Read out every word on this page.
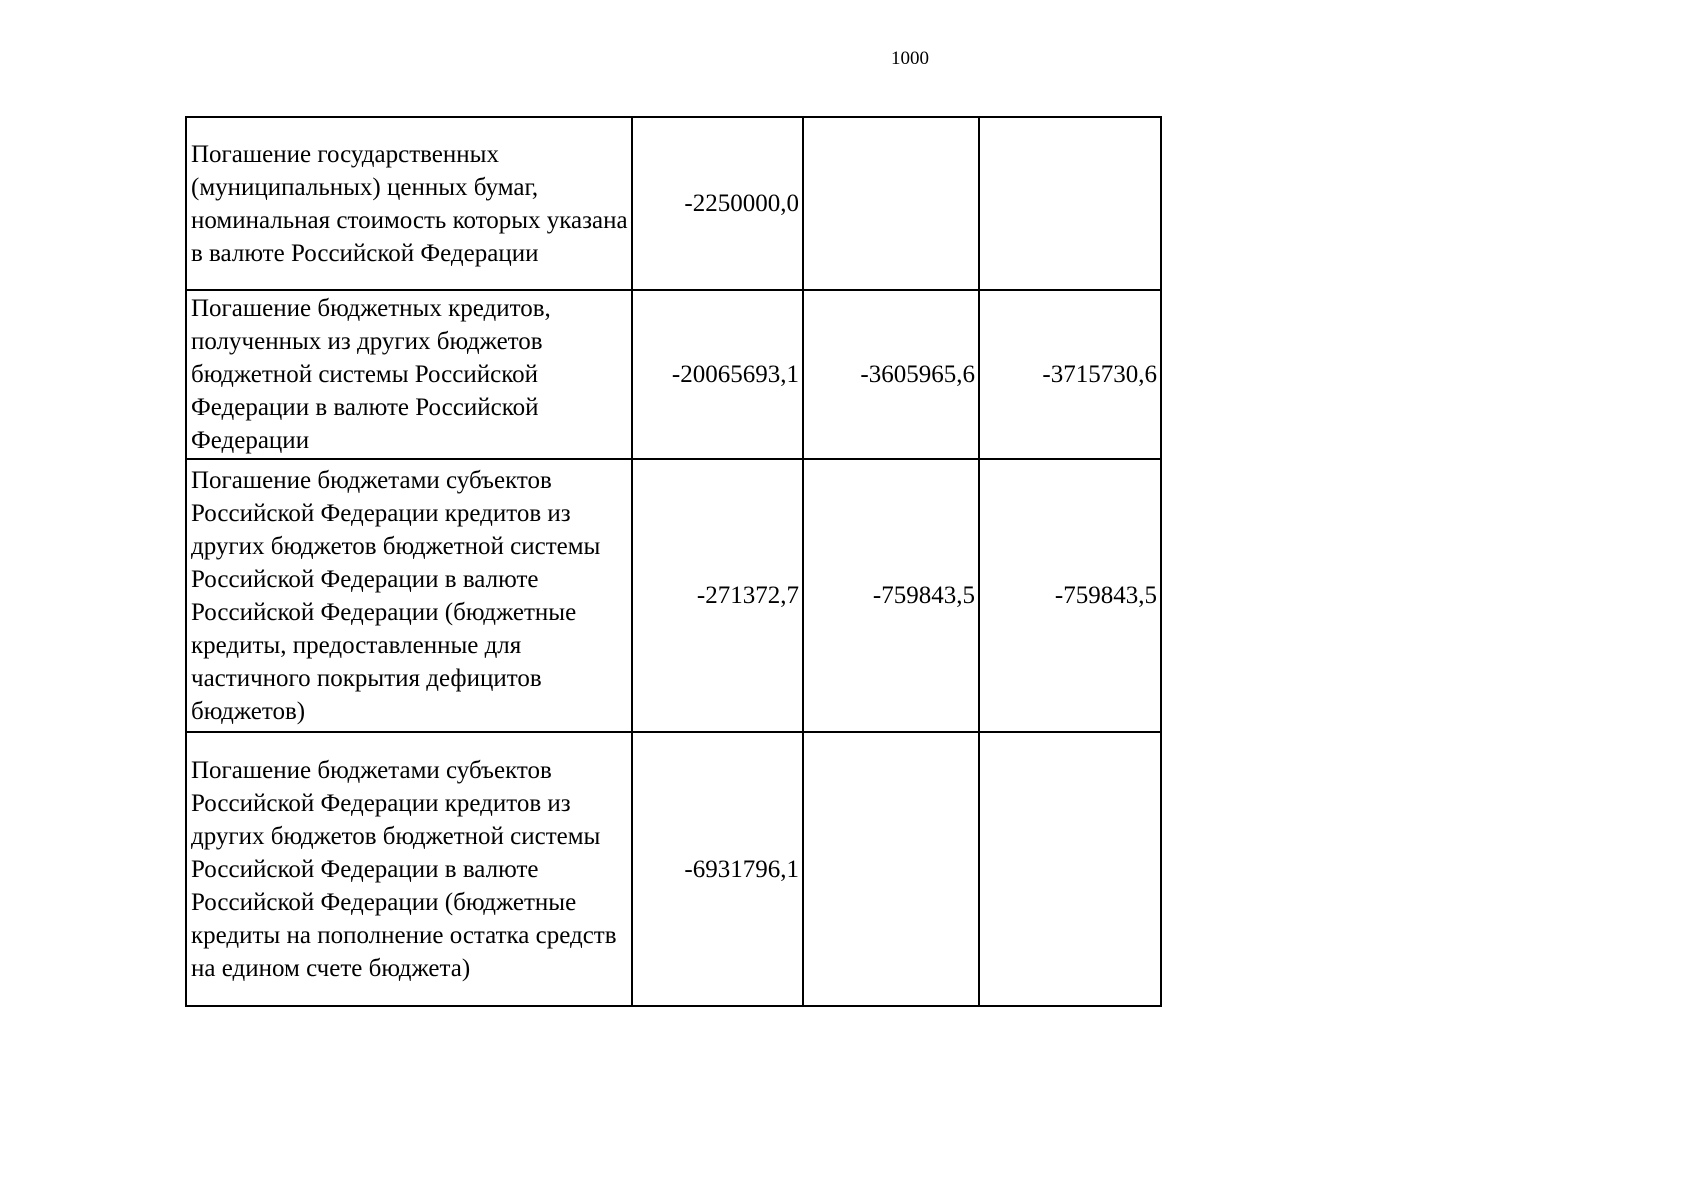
1000
Погашение государственных (муниципальных) ценных бумаг, номинальная стоимость которых указана в валюте Российской Федерации	-2250000,0		
Погашение бюджетных кредитов, полученных из других бюджетов бюджетной системы Российской Федерации в валюте Российской Федерации	-20065693,1	-3605965,6	-3715730,6
Погашение бюджетами субъектов Российской Федерации кредитов из других бюджетов бюджетной системы Российской Федерации в валюте Российской Федерации (бюджетные кредиты, предоставленные для частичного покрытия дефицитов бюджетов)	-271372,7	-759843,5	-759843,5
Погашение бюджетами субъектов Российской Федерации кредитов из других бюджетов бюджетной системы Российской Федерации в валюте Российской Федерации (бюджетные кредиты на пополнение остатка средств на едином счете бюджета)	-6931796,1		
